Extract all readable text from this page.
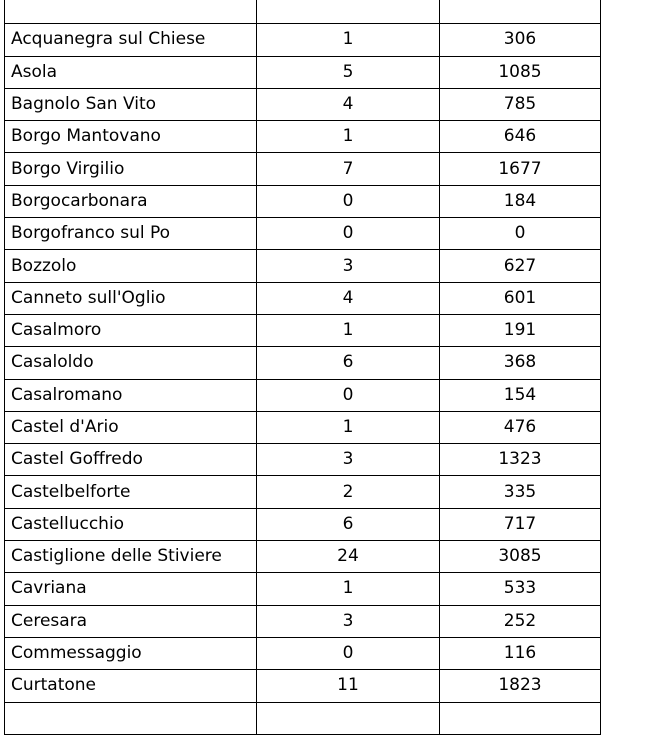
Acquanegra sul Chiese	1	306
Asola	5	1085
Bagnolo San Vito	4	785
Borgo Mantovano	1	646
Borgo Virgilio	7	1677
Borgocarbonara	0	184
Borgofranco sul Po	0	0
Bozzolo	3	627
Canneto sull'Oglio	4	601
Casalmoro	1	191
Casaloldo	6	368
Casalromano	0	154
Castel d'Ario	1	476
Castel Goffredo	3	1323
Castelbelforte	2	335
Castellucchio	6	717
Castiglione delle Stiviere	24	3085
Cavriana	1	533
Ceresara	3	252
Commessaggio	0	116
Curtatone	11	1823
